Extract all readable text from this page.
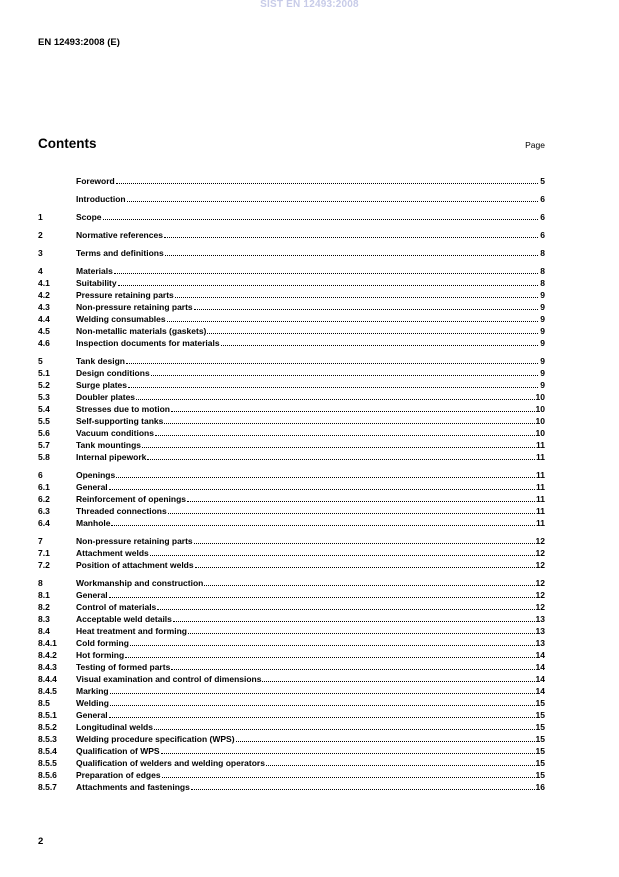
SIST EN 12493:2008
EN 12493:2008 (E)
Contents	Page
Foreword	5
Introduction	6
1	Scope	6
2	Normative references	6
3	Terms and definitions	8
4	Materials	8
4.1	Suitability	8
4.2	Pressure retaining parts	9
4.3	Non-pressure retaining parts	9
4.4	Welding consumables	9
4.5	Non-metallic materials (gaskets)	9
4.6	Inspection documents for materials	9
5	Tank design	9
5.1	Design conditions	9
5.2	Surge plates	9
5.3	Doubler plates	10
5.4	Stresses due to motion	10
5.5	Self-supporting tanks	10
5.6	Vacuum conditions	10
5.7	Tank mountings	11
5.8	Internal pipework	11
6	Openings	11
6.1	General	11
6.2	Reinforcement of openings	11
6.3	Threaded connections	11
6.4	Manhole	11
7	Non-pressure retaining parts	12
7.1	Attachment welds	12
7.2	Position of attachment welds	12
8	Workmanship and construction	12
8.1	General	12
8.2	Control of materials	12
8.3	Acceptable weld details	13
8.4	Heat treatment and forming	13
8.4.1	Cold forming	13
8.4.2	Hot forming	14
8.4.3	Testing of formed parts	14
8.4.4	Visual examination and control of dimensions	14
8.4.5	Marking	14
8.5	Welding	15
8.5.1	General	15
8.5.2	Longitudinal welds	15
8.5.3	Welding procedure specification (WPS)	15
8.5.4	Qualification of WPS	15
8.5.5	Qualification of welders and welding operators	15
8.5.6	Preparation of edges	15
8.5.7	Attachments and fastenings	16
2
